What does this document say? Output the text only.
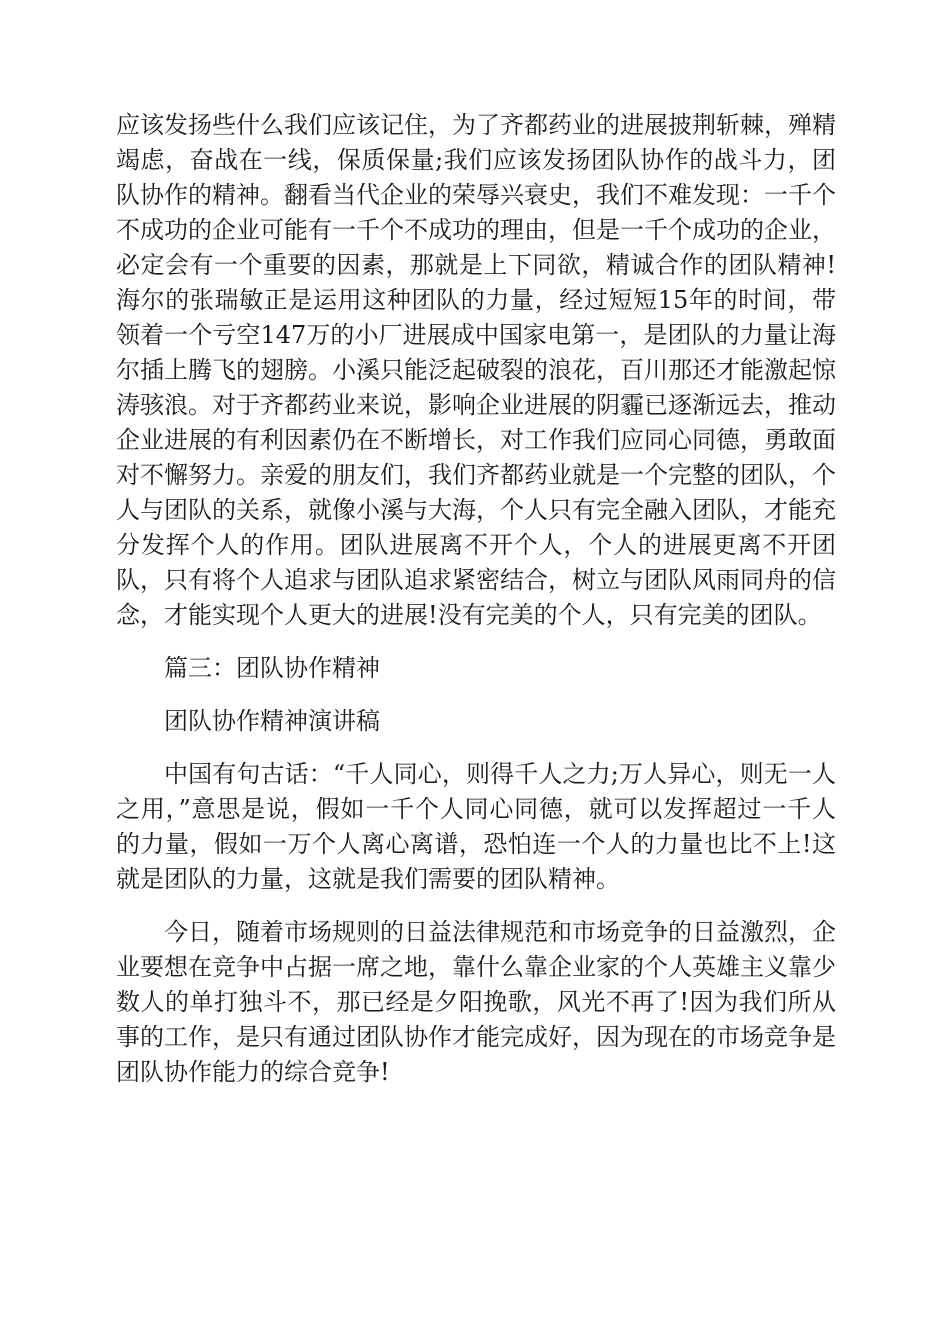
应该发扬些什么我们应该记住，为了齐都药业的进展披荆斩棘，殚精竭虑，奋战在一线，保质保量;我们应该发扬团队协作的战斗力，团队协作的精神。翻看当代企业的荣辱兴衰史，我们不难发现：一千个不成功的企业可能有一千个不成功的理由，但是一千个成功的企业，必定会有一个重要的因素，那就是上下同欲，精诚合作的团队精神!海尔的张瑞敏正是运用这种团队的力量，经过短短15年的时间，带领着一个亏空147万的小厂进展成中国家电第一，是团队的力量让海尔插上腾飞的翅膀。小溪只能泛起破裂的浪花，百川那还才能激起惊涛骇浪。对于齐都药业来说，影响企业进展的阴霾已逐渐远去，推动企业进展的有利因素仍在不断增长，对工作我们应同心同德，勇敢面对不懈努力。亲爱的朋友们，我们齐都药业就是一个完整的团队，个人与团队的关系，就像小溪与大海，个人只有完全融入团队，才能充分发挥个人的作用。团队进展离不开个人，个人的进展更离不开团队，只有将个人追求与团队追求紧密结合，树立与团队风雨同舟的信念，才能实现个人更大的进展!没有完美的个人，只有完美的团队。

篇三：团队协作精神

团队协作精神演讲稿

中国有句古话：“千人同心，则得千人之力;万人异心，则无一人之用，”意思是说，假如一千个人同心同德，就可以发挥超过一千人的力量，假如一万个人离心离谱，恐怕连一个人的力量也比不上!这就是团队的力量，这就是我们需要的团队精神。

今日，随着市场规则的日益法律规范和市场竞争的日益激烈，企业要想在竞争中占据一席之地，靠什么靠企业家的个人英雄主义靠少数人的单打独斗不，那已经是夕阳挽歌，风光不再了!因为我们所从事的工作，是只有通过团队协作才能完成好，因为现在的市场竞争是团队协作能力的综合竞争!
